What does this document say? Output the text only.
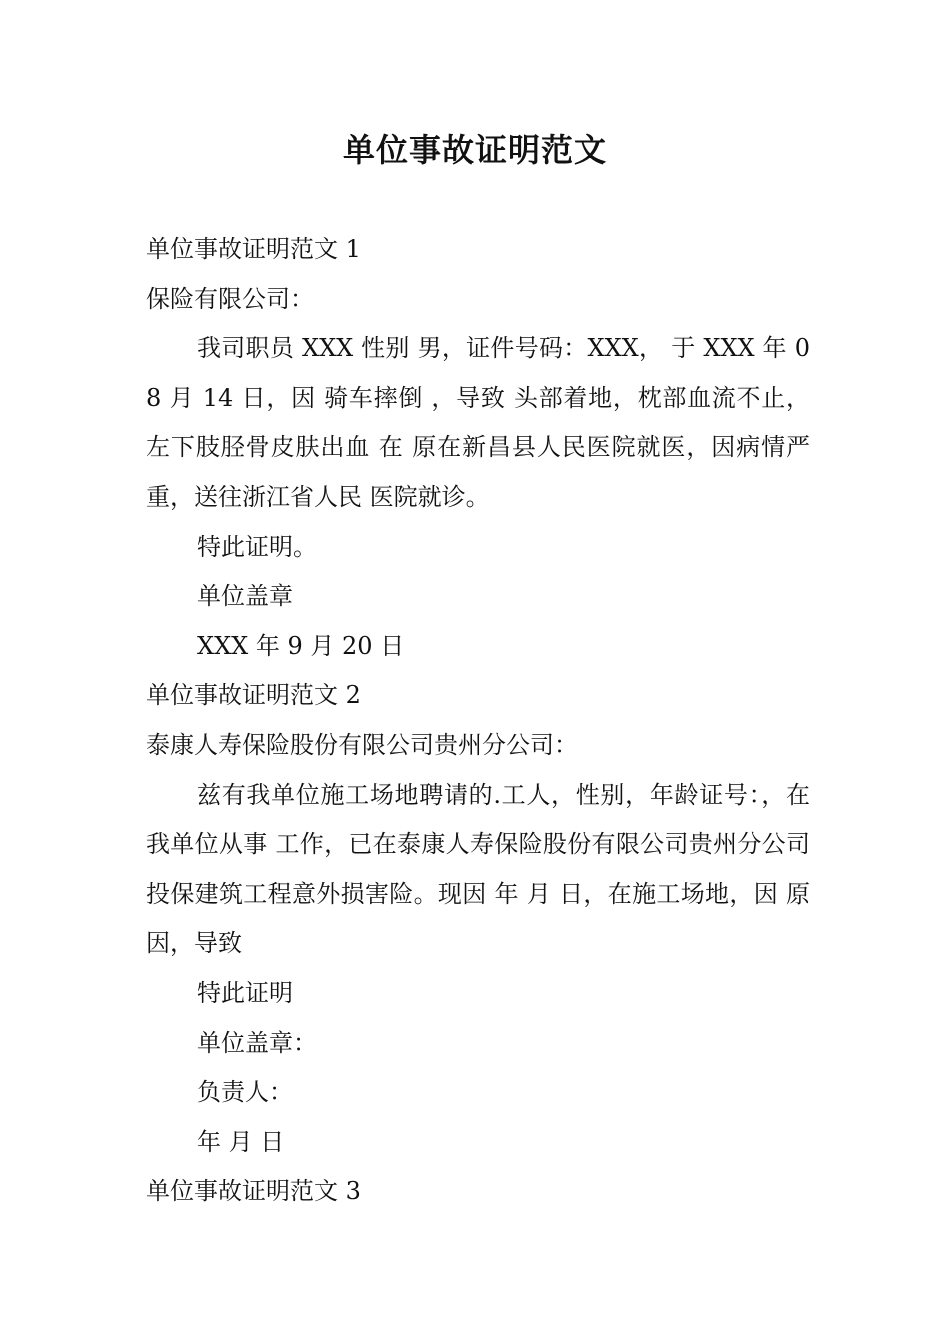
单位事故证明范文

单位事故证明范文 1

保险有限公司：

我司职员 XXX 性别 男，证件号码：XXX， 于 XXX 年 08 月 14 日，因 骑车摔倒 ，导致 头部着地，枕部血流不止，左下肢胫骨皮肤出血 在 原在新昌县人民医院就医，因病情严重，送往浙江省人民 医院就诊。

特此证明。

单位盖章

XXX 年 9 月 20 日

单位事故证明范文 2

泰康人寿保险股份有限公司贵州分公司：

兹有我单位施工场地聘请的.工人，性别，年龄证号：，在我单位从事 工作，已在泰康人寿保险股份有限公司贵州分公司投保建筑工程意外损害险。现因 年 月 日，在施工场地，因 原因，导致

特此证明

单位盖章：

负责人：

年 月 日

单位事故证明范文 3
